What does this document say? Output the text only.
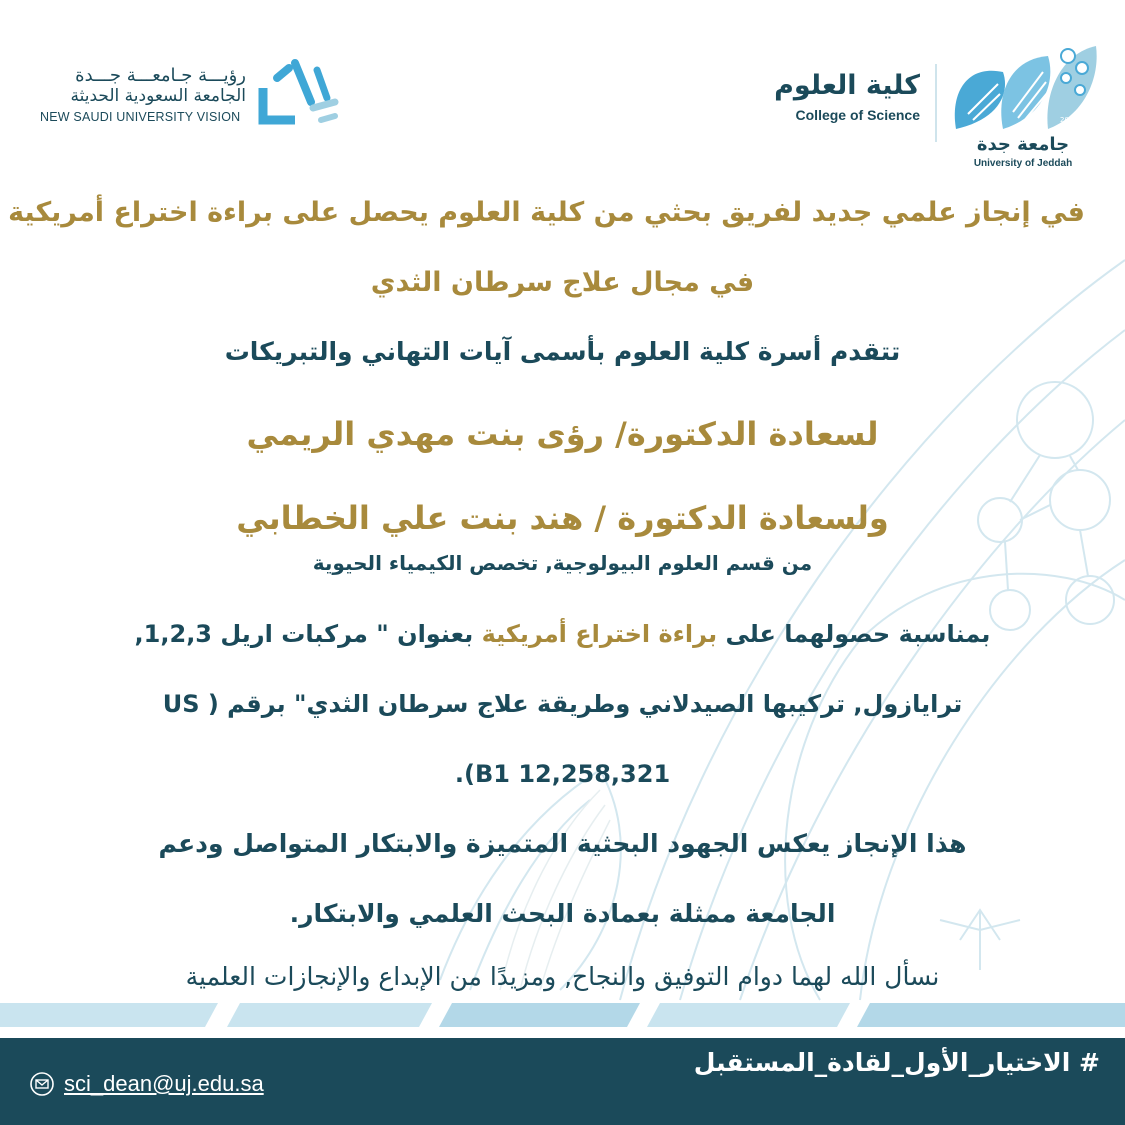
رؤيـــة جـامعـــة جـــدة
الجامعة السعودية الحديثة
NEW SAUDI UNIVERSITY VISION
كلية العلوم
College of Science	2014
جامعة جدة
University of Jeddah
في إنجاز علمي جديد لفريق بحثي من كلية العلوم يحصل على براءة اختراع أمريكية
في مجال علاج سرطان الثدي
تتقدم أسرة كلية العلوم بأسمى آيات التهاني والتبريكات
لسعادة الدكتورة/ رؤى بنت مهدي الريمي
ولسعادة الدكتورة / هند بنت علي الخطابي
من قسم العلوم البيولوجية, تخصص الكيمياء الحيوية
بمناسبة حصولهما على براءة اختراع أمريكية بعنوان " مركبات اريل 1,2,3,
ترايازول, تركيبها الصيدلاني وطريقة علاج سرطان الثدي" برقم ( US
12,258,321 B1).
هذا الإنجاز يعكس الجهود البحثية المتميزة والابتكار المتواصل ودعم
الجامعة ممثلة بعمادة البحث العلمي والابتكار.
نسأل الله لهما دوام التوفيق والنجاح, ومزيدًا من الإبداع والإنجازات العلمية
# الاختيار_الأول_لقادة_المستقبل
sci_dean@uj.edu.sa
